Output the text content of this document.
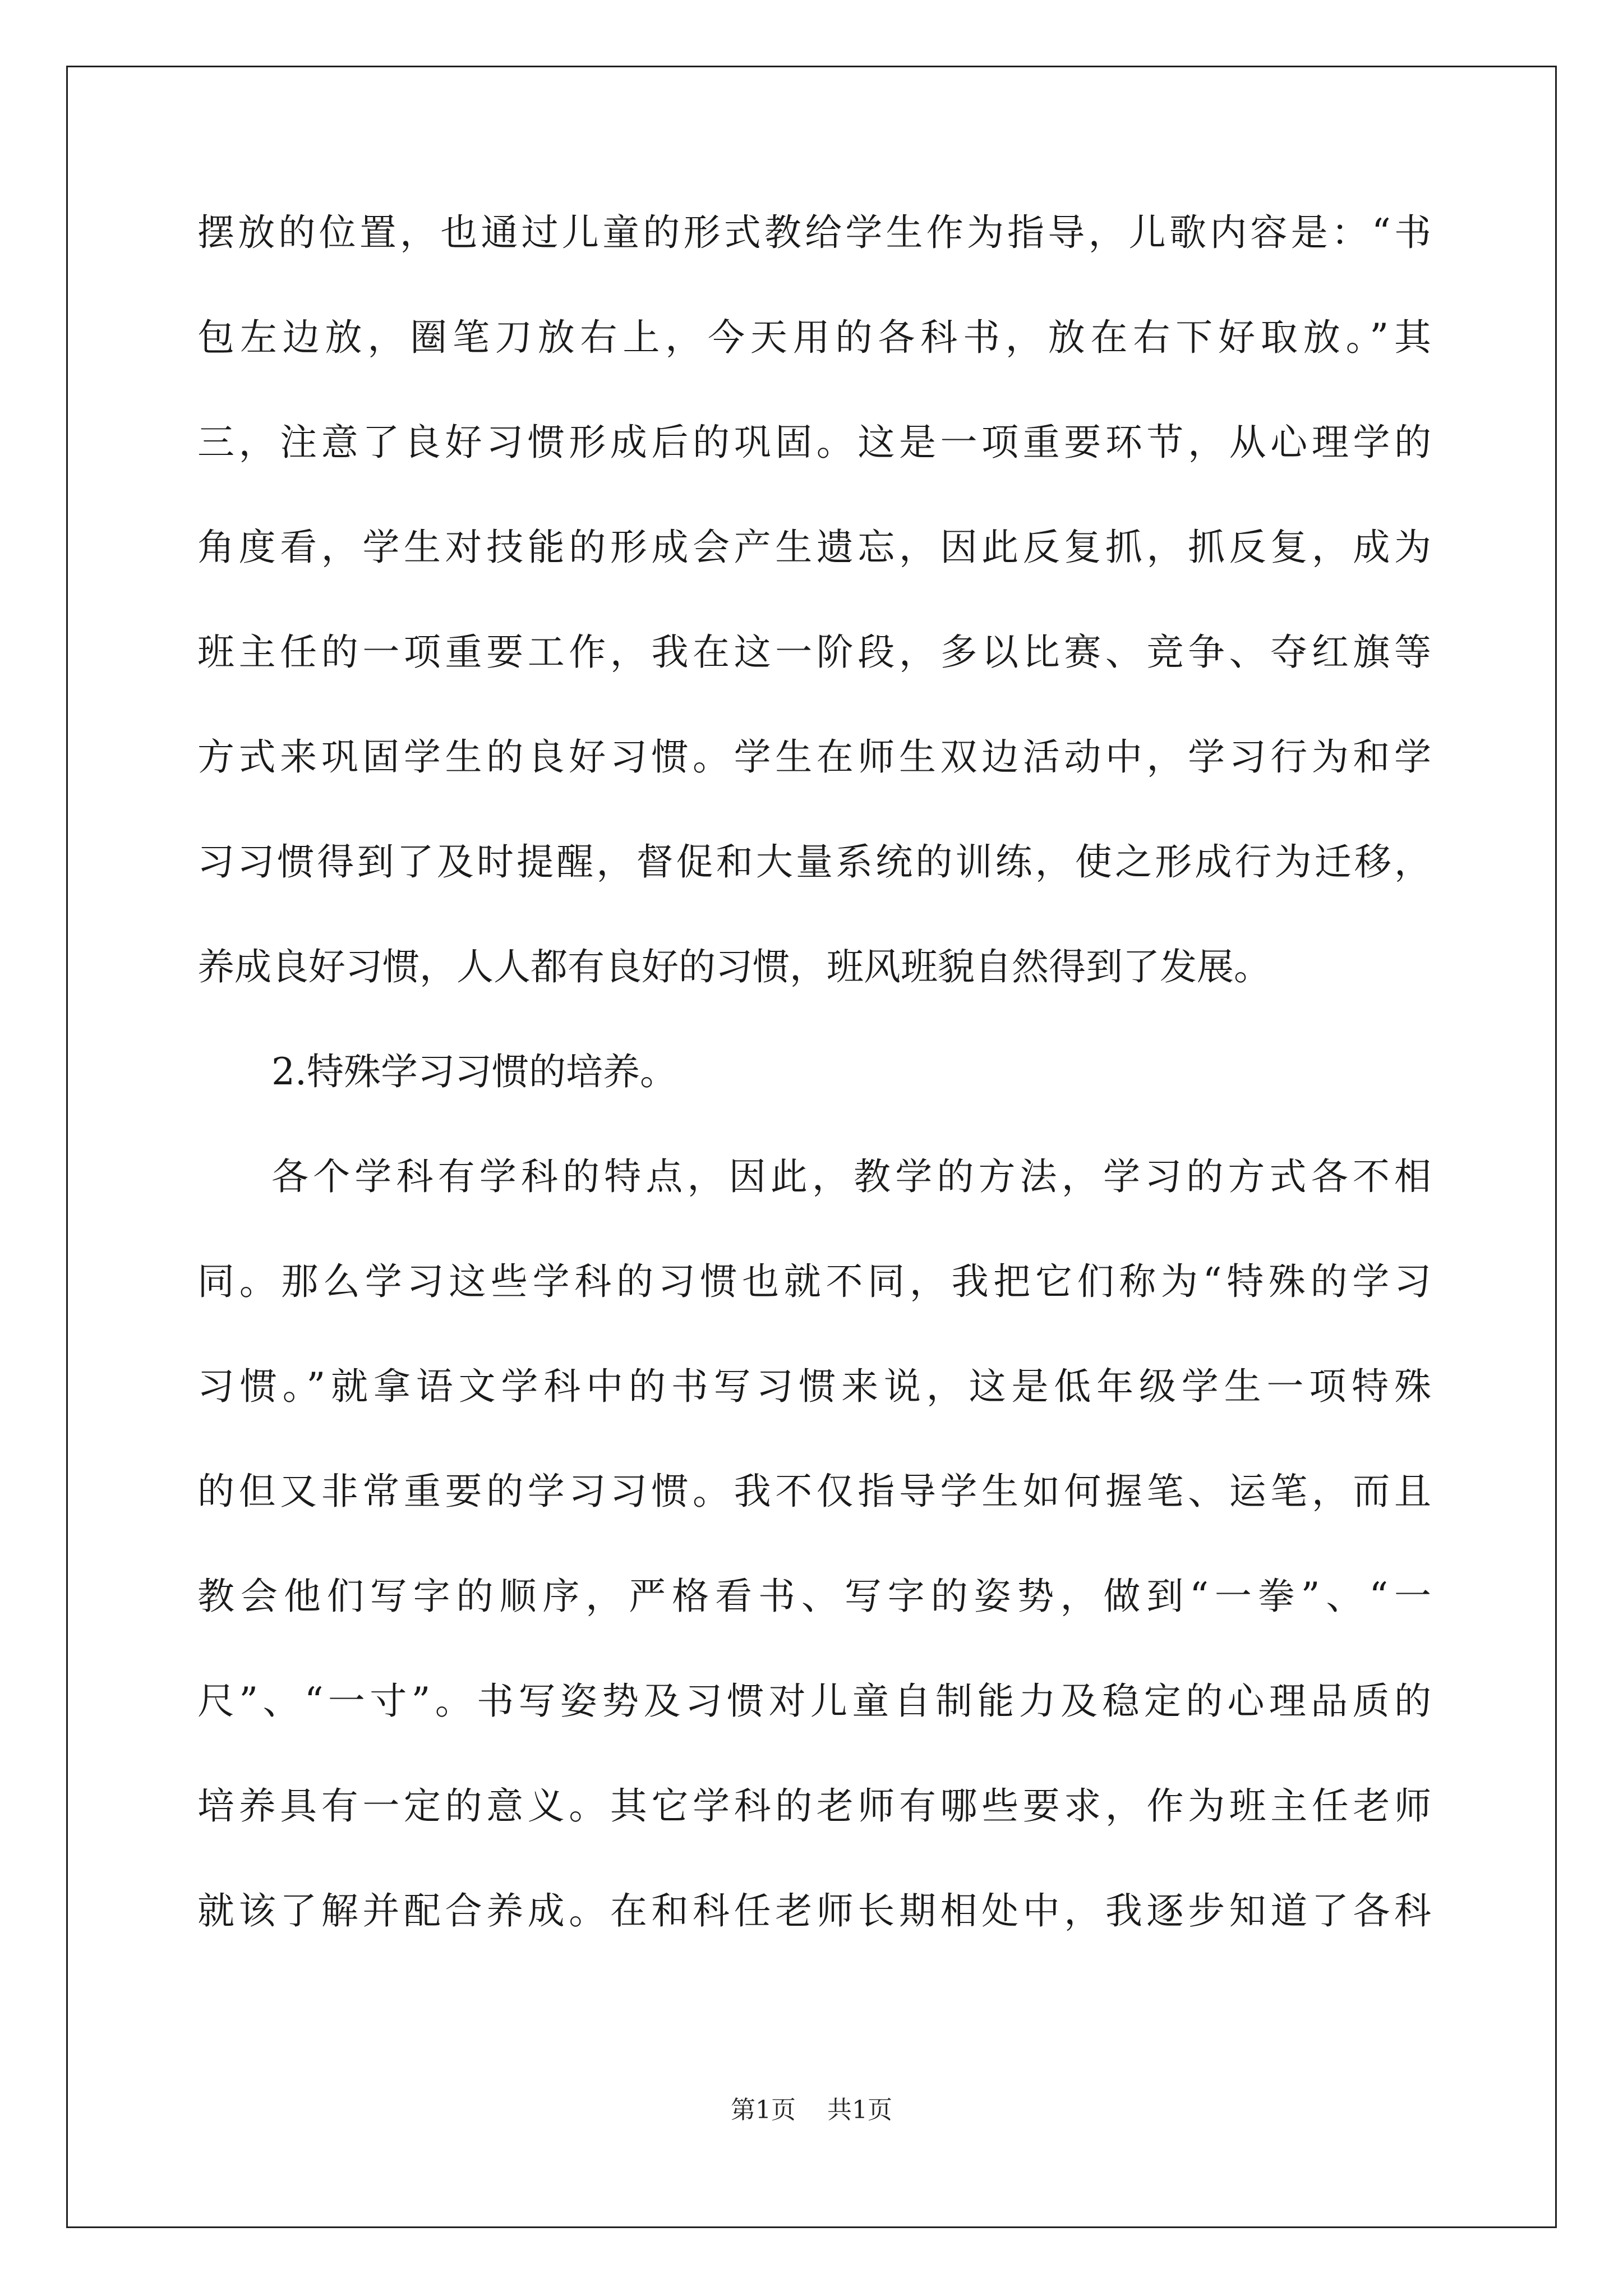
摆放的位置，也通过儿童的形式教给学生作为指导，儿歌内容是：“书
包左边放，圈笔刀放右上，今天用的各科书，放在右下好取放。”其
三，注意了良好习惯形成后的巩固。这是一项重要环节，从心理学的
角度看，学生对技能的形成会产生遗忘，因此反复抓，抓反复，成为
班主任的一项重要工作，我在这一阶段，多以比赛、竞争、夺红旗等
方式来巩固学生的良好习惯。学生在师生双边活动中，学习行为和学
习习惯得到了及时提醒，督促和大量系统的训练，使之形成行为迁移，
养成良好习惯，人人都有良好的习惯，班风班貌自然得到了发展。
2.特殊学习习惯的培养。
各个学科有学科的特点，因此，教学的方法，学习的方式各不相
同。那么学习这些学科的习惯也就不同，我把它们称为“特殊的学习
习惯。”就拿语文学科中的书写习惯来说，这是低年级学生一项特殊
的但又非常重要的学习习惯。我不仅指导学生如何握笔、运笔，而且
教会他们写字的顺序，严格看书、写字的姿势，做到“一拳”、“一
尺”、“一寸”。书写姿势及习惯对儿童自制能力及稳定的心理品质的
培养具有一定的意义。其它学科的老师有哪些要求，作为班主任老师
就该了解并配合养成。在和科任老师长期相处中，我逐步知道了各科
第1页 共1页
